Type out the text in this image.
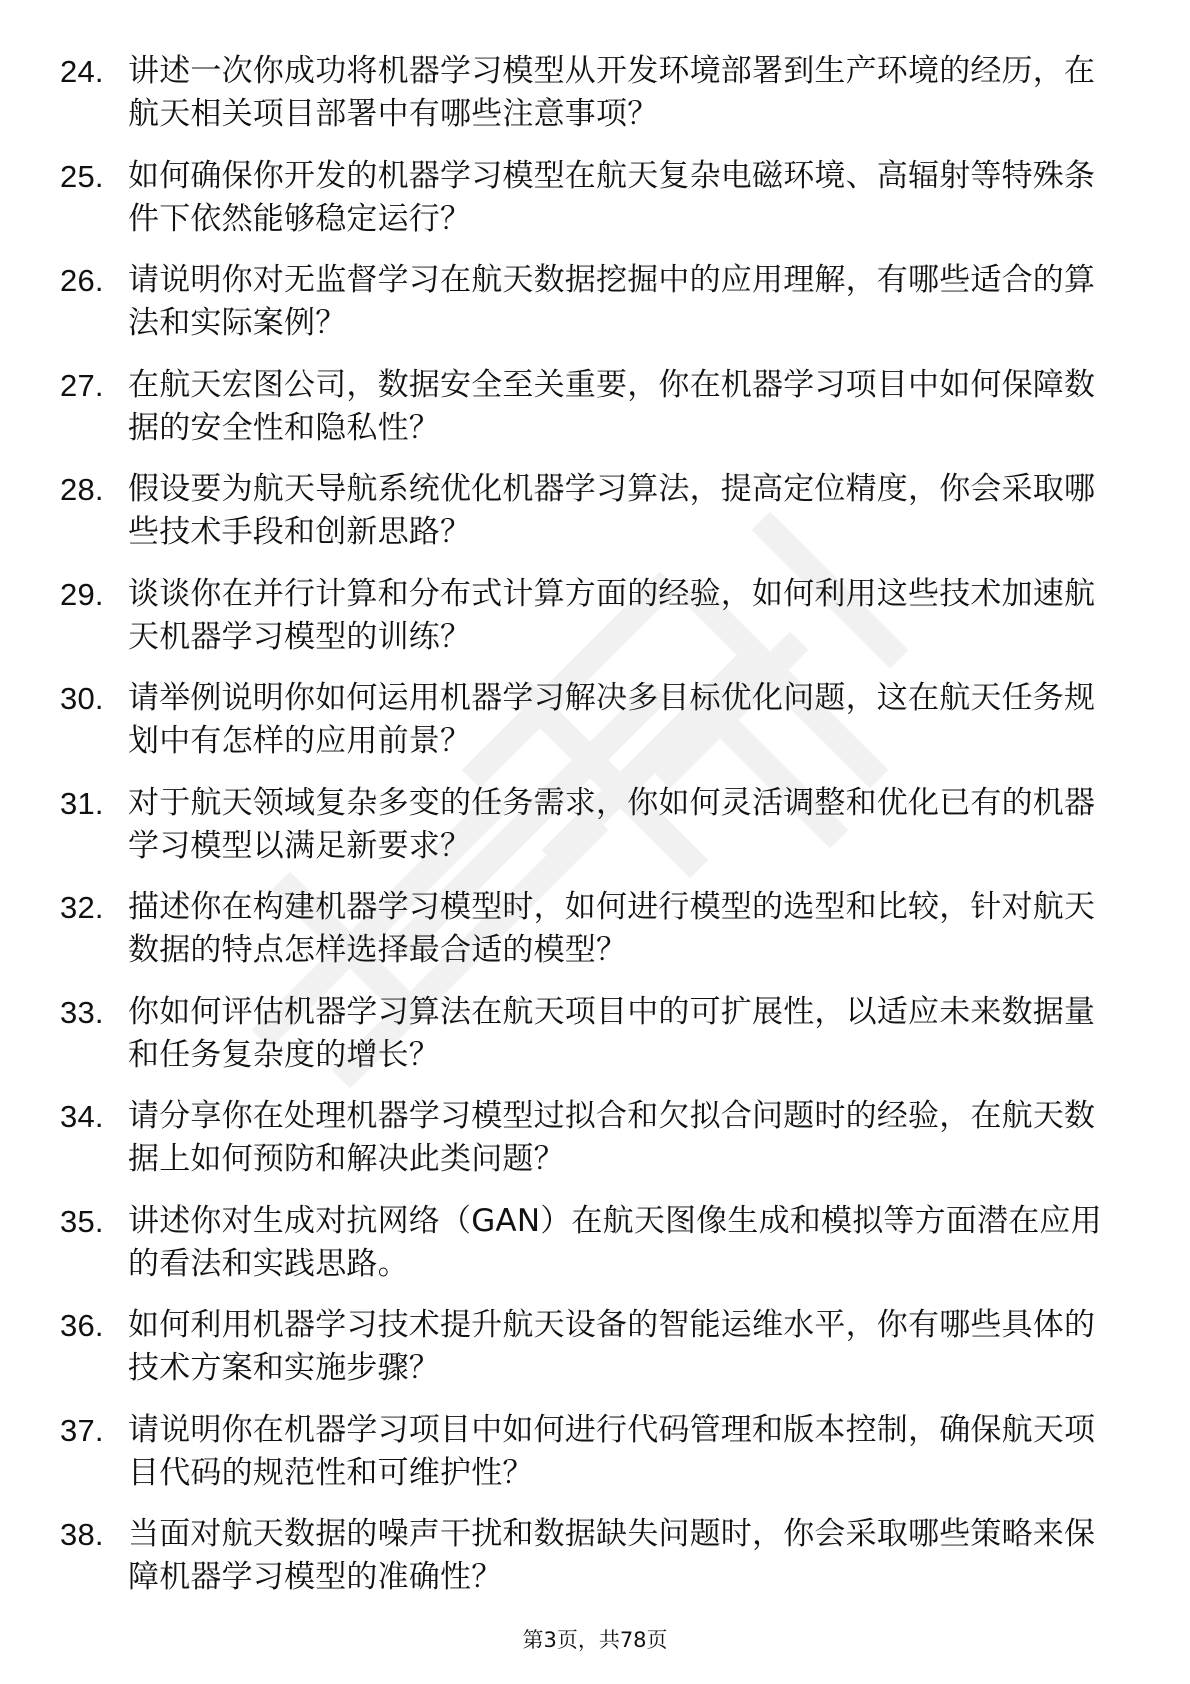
24. 讲述一次你成功将机器学习模型从开发环境部署到生产环境的经历，在航天相关项目部署中有哪些注意事项？
25. 如何确保你开发的机器学习模型在航天复杂电磁环境、高辐射等特殊条件下依然能够稳定运行？
26. 请说明你对无监督学习在航天数据挖掘中的应用理解，有哪些适合的算法和实际案例？
27. 在航天宏图公司，数据安全至关重要，你在机器学习项目中如何保障数据的安全性和隐私性？
28. 假设要为航天导航系统优化机器学习算法，提高定位精度，你会采取哪些技术手段和创新思路？
29. 谈谈你在并行计算和分布式计算方面的经验，如何利用这些技术加速航天机器学习模型的训练？
30. 请举例说明你如何运用机器学习解决多目标优化问题，这在航天任务规划中有怎样的应用前景？
31. 对于航天领域复杂多变的任务需求，你如何灵活调整和优化已有的机器学习模型以满足新要求？
32. 描述你在构建机器学习模型时，如何进行模型的选型和比较，针对航天数据的特点怎样选择最合适的模型？
33. 你如何评估机器学习算法在航天项目中的可扩展性，以适应未来数据量和任务复杂度的增长？
34. 请分享你在处理机器学习模型过拟合和欠拟合问题时的经验，在航天数据上如何预防和解决此类问题？
35. 讲述你对生成对抗网络（GAN）在航天图像生成和模拟等方面潜在应用的看法和实践思路。
36. 如何利用机器学习技术提升航天设备的智能运维水平，你有哪些具体的技术方案和实施步骤？
37. 请说明你在机器学习项目中如何进行代码管理和版本控制，确保航天项目代码的规范性和可维护性？
38. 当面对航天数据的噪声干扰和数据缺失问题时，你会采取哪些策略来保障机器学习模型的准确性？
第3页，共78页
